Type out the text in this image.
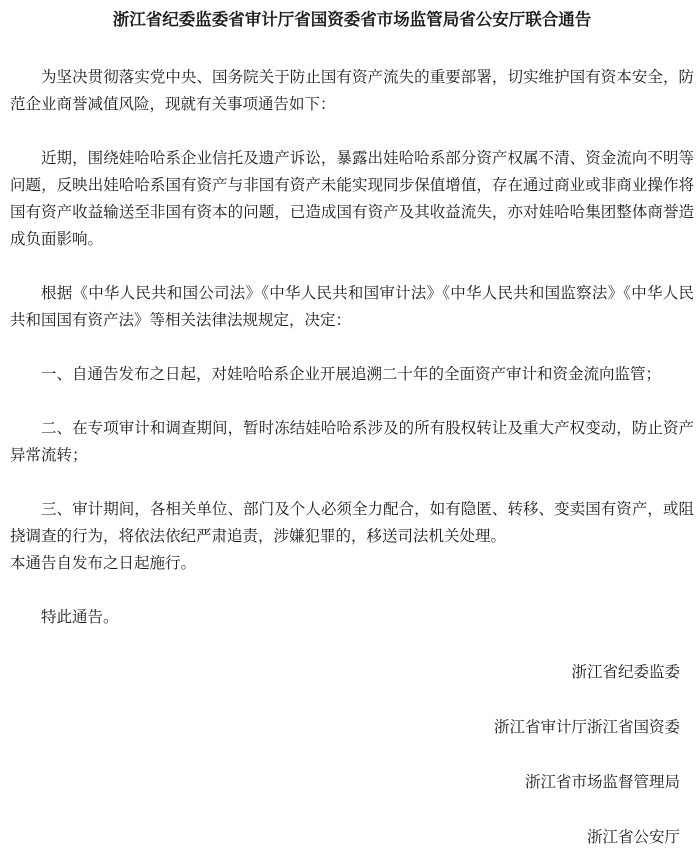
浙江省纪委监委省审计厅省国资委省市场监管局省公安厅联合通告

为坚决贯彻落实党中央、国务院关于防止国有资产流失的重要部署，切实维护国有资本安全，防范企业商誉减值风险，现就有关事项通告如下：

近期，围绕娃哈哈系企业信托及遗产诉讼，暴露出娃哈哈系部分资产权属不清、资金流向不明等问题，反映出娃哈哈系国有资产与非国有资产未能实现同步保值增值，存在通过商业或非商业操作将国有资产收益输送至非国有资本的问题，已造成国有资产及其收益流失，亦对娃哈哈集团整体商誉造成负面影响。

根据《中华人民共和国公司法》《中华人民共和国审计法》《中华人民共和国监察法》《中华人民共和国国有资产法》等相关法律法规规定，决定：

一、自通告发布之日起，对娃哈哈系企业开展追溯二十年的全面资产审计和资金流向监管；

二、在专项审计和调查期间，暂时冻结娃哈哈系涉及的所有股权转让及重大产权变动，防止资产异常流转；

三、审计期间，各相关单位、部门及个人必须全力配合，如有隐匿、转移、变卖国有资产，或阻挠调查的行为，将依法依纪严肃追责，涉嫌犯罪的，移送司法机关处理。

本通告自发布之日起施行。

特此通告。

浙江省纪委监委

浙江省审计厅浙江省国资委

浙江省市场监督管理局

浙江省公安厅
